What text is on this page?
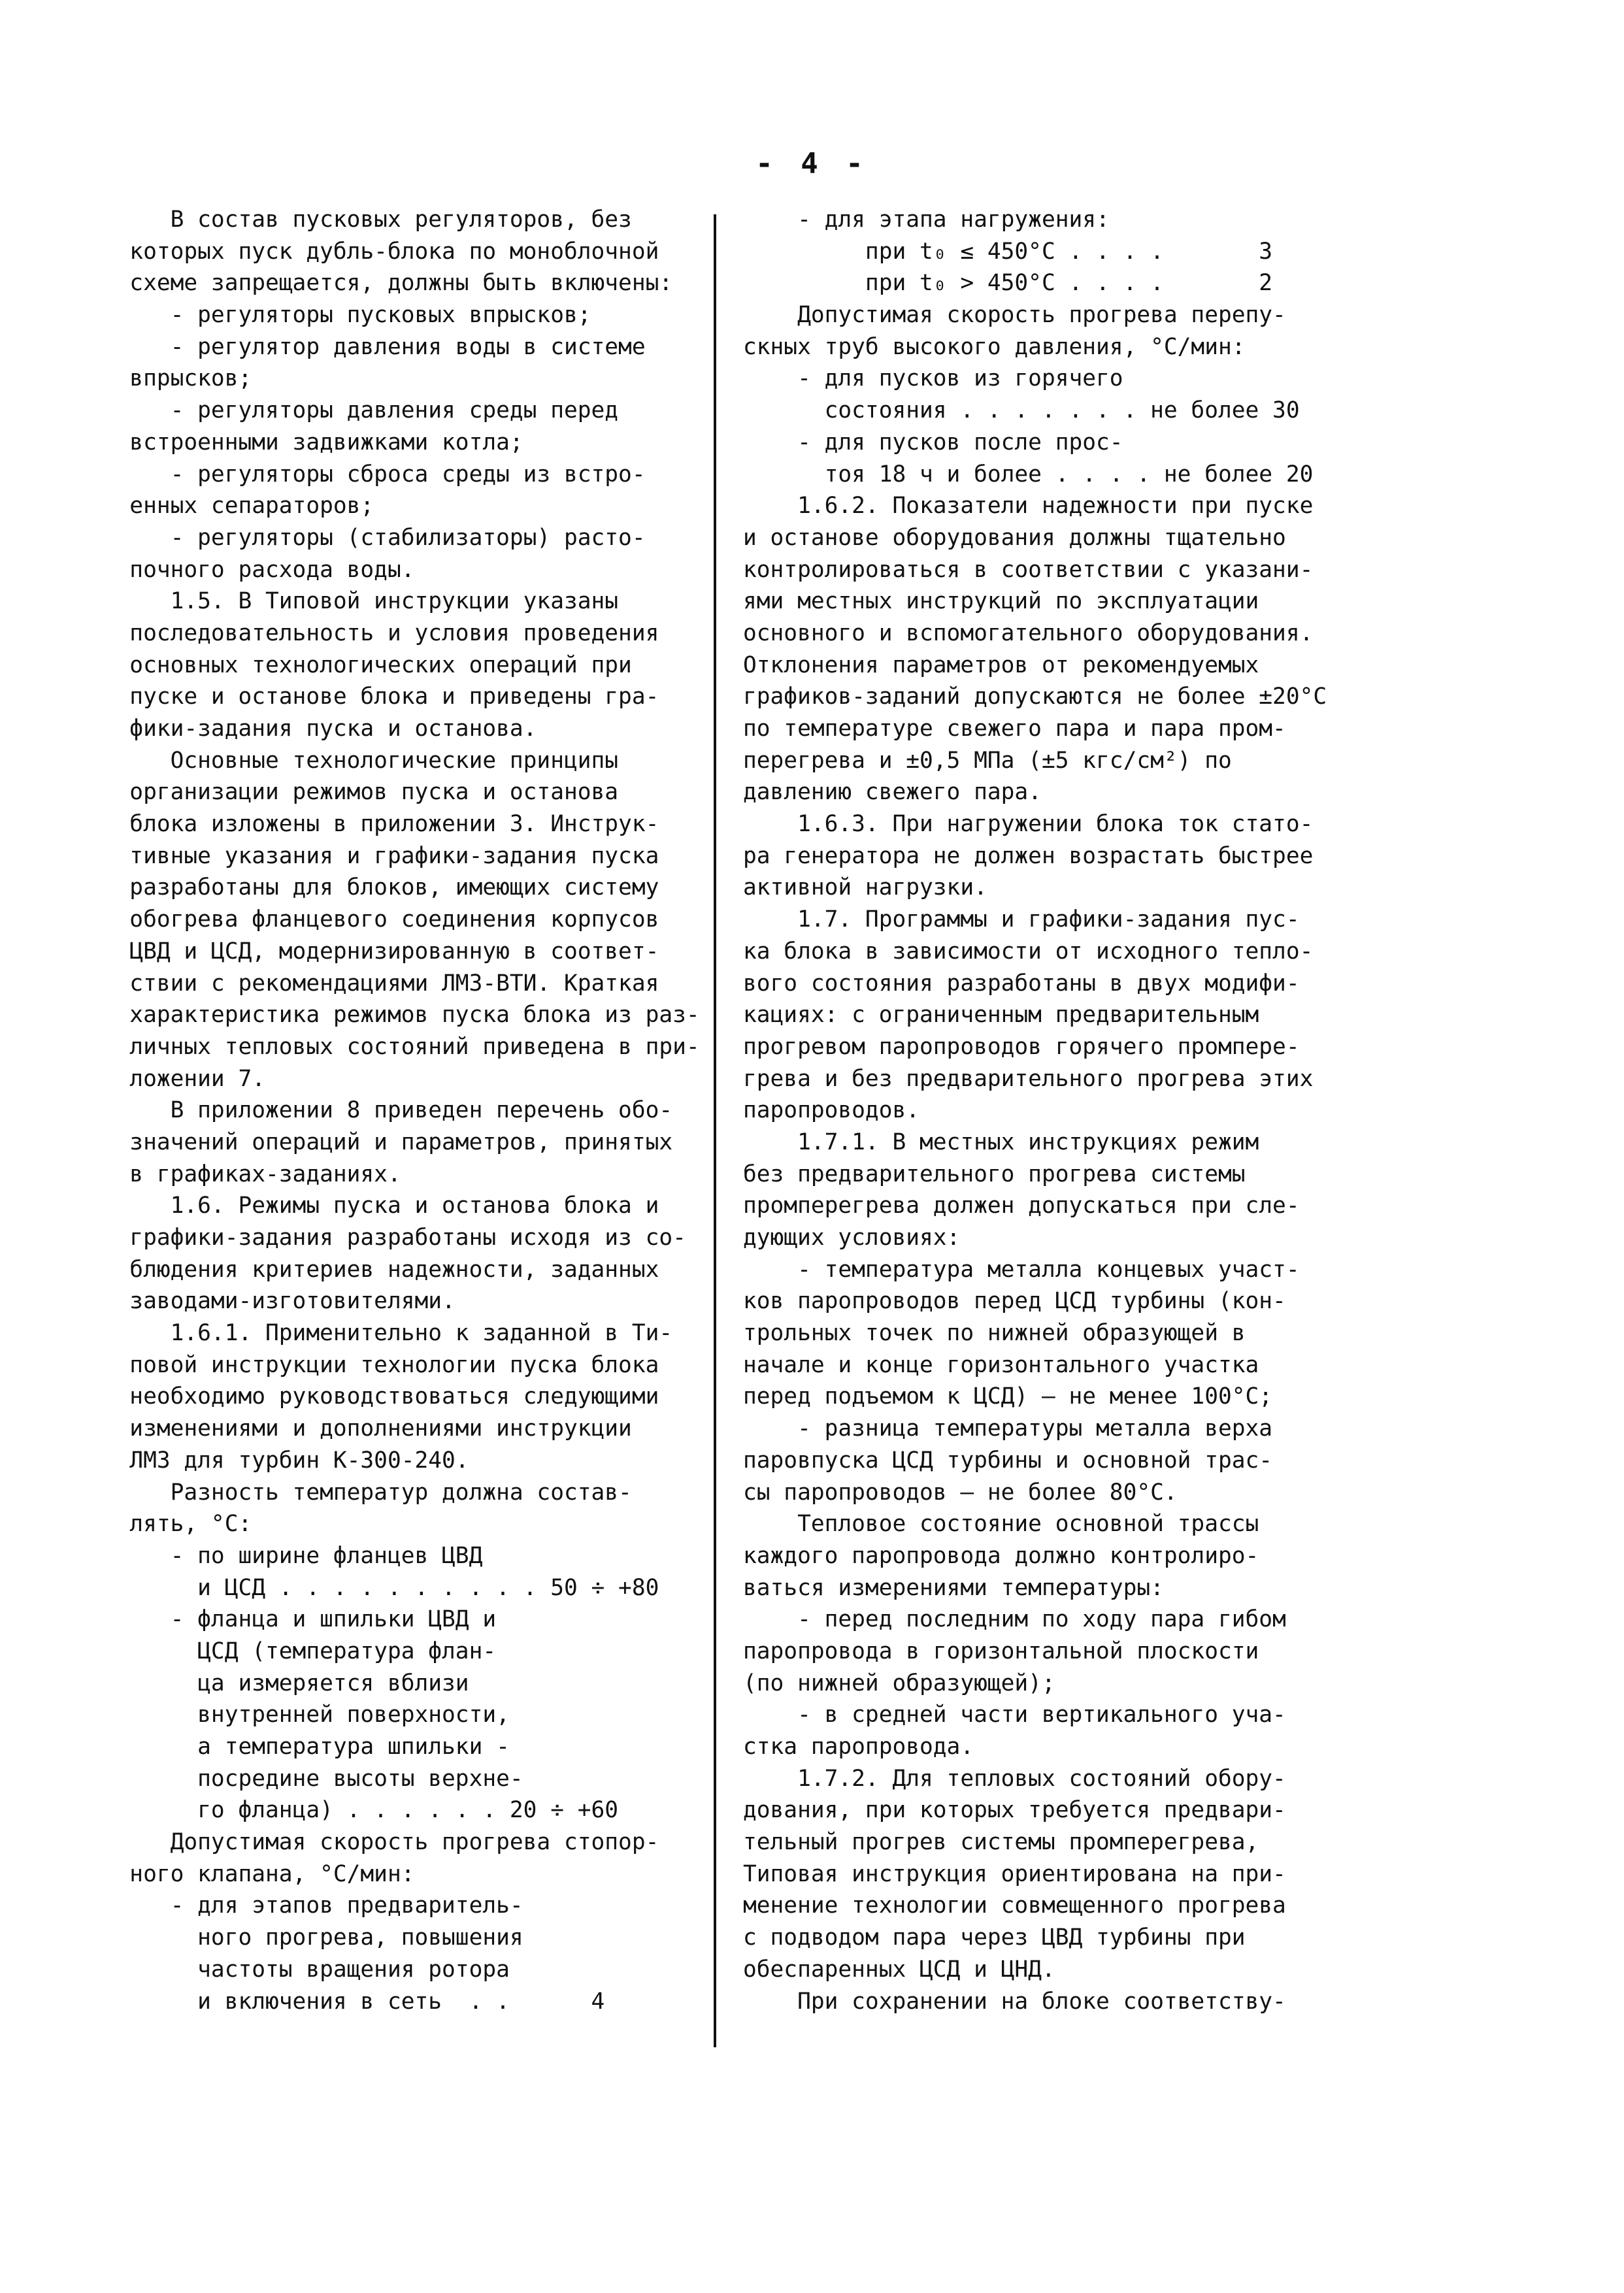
- 4 -
В состав пусковых регуляторов, без
которых пуск дубль-блока по моноблочной
схеме запрещается, должны быть включены:
- регуляторы пусковых впрысков;
- регулятор давления воды в системе
впрысков;
- регуляторы давления среды перед
встроенными задвижками котла;
- регуляторы сброса среды из встро-
енных сепараторов;
- регуляторы (стабилизаторы) расто-
почного расхода воды.
1.5. В Типовой инструкции указаны
последовательность и условия проведения
основных технологических операций при
пуске и останове блока и приведены гра-
фики-задания пуска и останова.
Основные технологические принципы
организации режимов пуска и останова
блока изложены в приложении 3. Инструк-
тивные указания и графики-задания пуска
разработаны для блоков, имеющих систему
обогрева фланцевого соединения корпусов
ЦВД и ЦСД, модернизированную в соответ-
ствии с рекомендациями ЛМЗ-ВТИ. Краткая
характеристика режимов пуска блока из раз-
личных тепловых состояний приведена в при-
ложении 7.
В приложении 8 приведен перечень обо-
значений операций и параметров, принятых
в графиках-заданиях.
1.6. Режимы пуска и останова блока и
графики-задания разработаны исходя из со-
блюдения критериев надежности, заданных
заводами-изготовителями.
1.6.1. Применительно к заданной в Ти-
повой инструкции технологии пуска блока
необходимо руководствоваться следующими
изменениями и дополнениями инструкции
ЛМЗ для турбин К-300-240.
Разность температур должна состав-
лять, °С:
- по ширине фланцев ЦВД
и ЦСД . . . . . . . . . . 50 ÷ +80
- фланца и шпильки ЦВД и
ЦСД (температура флан-
ца измеряется вблизи
внутренней поверхности,
а температура шпильки -
посредине высоты верхне-
го фланца) . . . . . . 20 ÷ +60
Допустимая скорость прогрева стопор-
ного клапана, °С/мин:
- для этапов предваритель-
ного прогрева, повышения
частоты вращения ротора
и включения в сеть  . .      4
- для этапа нагружения:
при t₀ ≤ 450°С . . . .       3
при t₀ > 450°С . . . .       2
Допустимая скорость прогрева перепу-
скных труб высокого давления, °С/мин:
- для пусков из горячего
состояния . . . . . . . не более 30
- для пусков после прос-
тоя 18 ч и более . . . . не более 20
1.6.2. Показатели надежности при пуске
и останове оборудования должны тщательно
контролироваться в соответствии с указани-
ями местных инструкций по эксплуатации
основного и вспомогательного оборудования.
Отклонения параметров от рекомендуемых
графиков-заданий допускаются не более ±20°С
по температуре свежего пара и пара пром-
перегрева и ±0,5 МПа (±5 кгс/см²) по
давлению свежего пара.
1.6.3. При нагружении блока ток стато-
ра генератора не должен возрастать быстрее
активной нагрузки.
1.7. Программы и графики-задания пус-
ка блока в зависимости от исходного тепло-
вого состояния разработаны в двух модифи-
кациях: с ограниченным предварительным
прогревом паропроводов горячего промпере-
грева и без предварительного прогрева этих
паропроводов.
1.7.1. В местных инструкциях режим
без предварительного прогрева системы
промперегрева должен допускаться при сле-
дующих условиях:
- температура металла концевых участ-
ков паропроводов перед ЦСД турбины (кон-
трольных точек по нижней образующей в
начале и конце горизонтального участка
перед подъемом к ЦСД) — не менее 100°С;
- разница температуры металла верха
паровпуска ЦСД турбины и основной трас-
сы паропроводов — не более 80°С.
Тепловое состояние основной трассы
каждого паропровода должно контролиро-
ваться измерениями температуры:
- перед последним по ходу пара гибом
паропровода в горизонтальной плоскости
(по нижней образующей);
- в средней части вертикального уча-
стка паропровода.
1.7.2. Для тепловых состояний обору-
дования, при которых требуется предвари-
тельный прогрев системы промперегрева,
Типовая инструкция ориентирована на при-
менение технологии совмещенного прогрева
с подводом пара через ЦВД турбины при
обеспаренных ЦСД и ЦНД.
При сохранении на блоке соответству-
